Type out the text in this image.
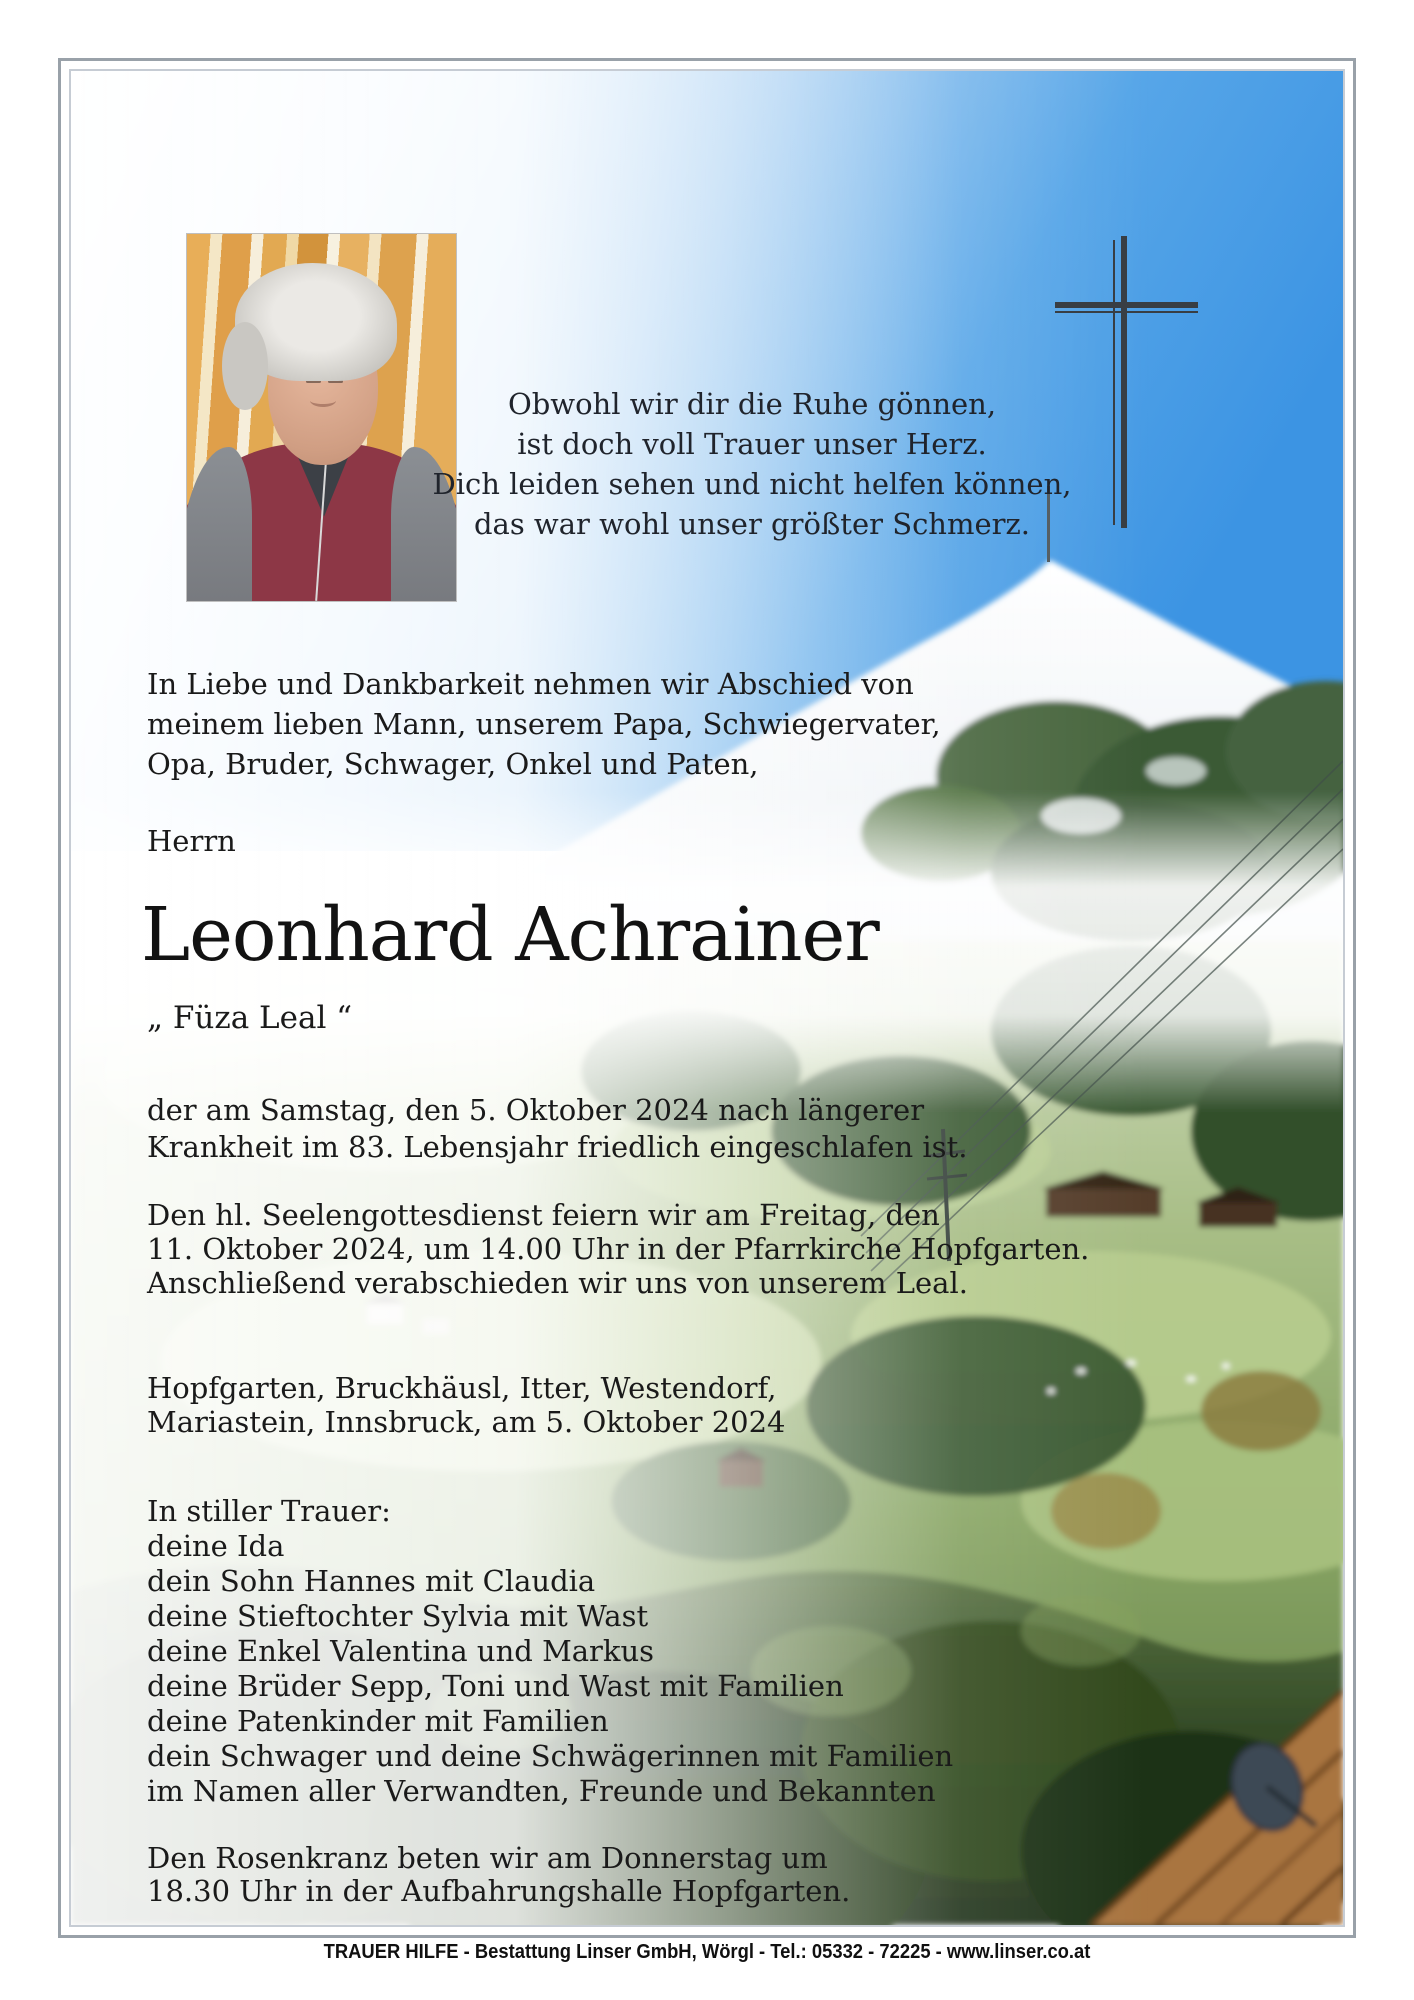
Obwohl wir dir die Ruhe gönnen,
ist doch voll Trauer unser Herz.
Dich leiden sehen und nicht helfen können,
das war wohl unser größter Schmerz.
In Liebe und Dankbarkeit nehmen wir Abschied von
meinem lieben Mann, unserem Papa, Schwiegervater,
Opa, Bruder, Schwager, Onkel und Paten,
Herrn
Leonhard Achrainer
„ Füza Leal “
der am Samstag, den 5. Oktober 2024 nach längerer
Krankheit im 83. Lebensjahr friedlich eingeschlafen ist.
Den hl. Seelengottesdienst feiern wir am Freitag, den
11. Oktober 2024, um 14.00 Uhr in der Pfarrkirche Hopfgarten.
Anschließend verabschieden wir uns von unserem Leal.
Hopfgarten, Bruckhäusl, Itter, Westendorf,
Mariastein, Innsbruck, am 5. Oktober 2024
In stiller Trauer:
deine Ida
dein Sohn Hannes mit Claudia
deine Stieftochter Sylvia mit Wast
deine Enkel Valentina und Markus
deine Brüder Sepp, Toni und Wast mit Familien
deine Patenkinder mit Familien
dein Schwager und deine Schwägerinnen mit Familien
im Namen aller Verwandten, Freunde und Bekannten
Den Rosenkranz beten wir am Donnerstag um
18.30 Uhr in der Aufbahrungshalle Hopfgarten.
TRAUER HILFE - Bestattung Linser GmbH, Wörgl - Tel.: 05332 - 72225 - www.linser.co.at
